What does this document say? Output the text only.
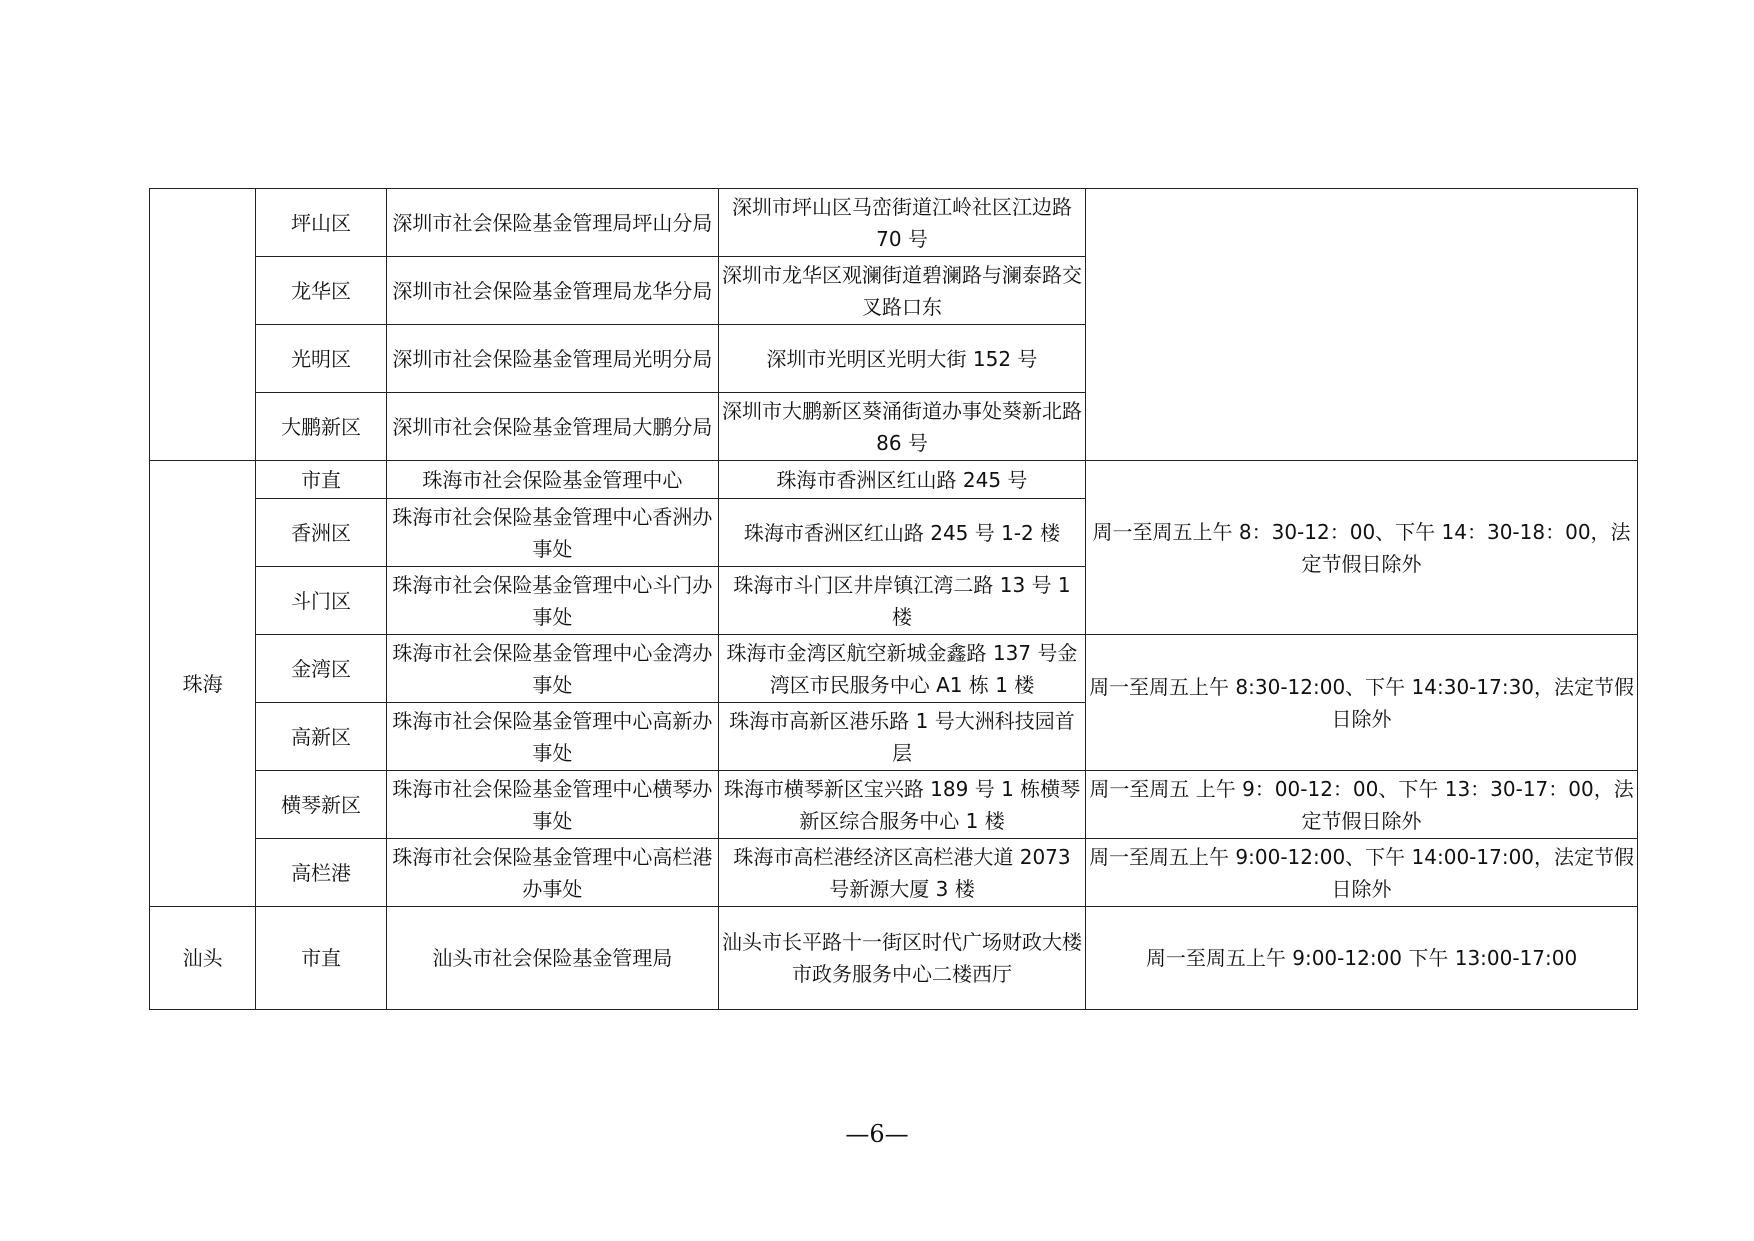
	坪山区	深圳市社会保险基金管理局坪山分局	深圳市坪山区马峦街道江岭社区江边路 70 号	
	龙华区	深圳市社会保险基金管理局龙华分局	深圳市龙华区观澜街道碧澜路与澜泰路交叉路口东	
	光明区	深圳市社会保险基金管理局光明分局	深圳市光明区光明大街 152 号	
	大鹏新区	深圳市社会保险基金管理局大鹏分局	深圳市大鹏新区葵涌街道办事处葵新北路 86 号	
珠海	市直	珠海市社会保险基金管理中心	珠海市香洲区红山路 245 号	周一至周五上午 8：30-12：00、下午 14：30-18：00，法定节假日除外
	香洲区	珠海市社会保险基金管理中心香洲办事处	珠海市香洲区红山路 245 号 1-2 楼	
	斗门区	珠海市社会保险基金管理中心斗门办事处	珠海市斗门区井岸镇江湾二路 13 号 1 楼	
	金湾区	珠海市社会保险基金管理中心金湾办事处	珠海市金湾区航空新城金鑫路 137 号金湾区市民服务中心 A1 栋 1 楼	周一至周五上午 8:30-12:00、下午 14:30-17:30，法定节假日除外
	高新区	珠海市社会保险基金管理中心高新办事处	珠海市高新区港乐路 1 号大洲科技园首层	
	横琴新区	珠海市社会保险基金管理中心横琴办事处	珠海市横琴新区宝兴路 189 号 1 栋横琴新区综合服务中心 1 楼	周一至周五 上午 9：00-12：00、下午 13：30-17：00，法定节假日除外
	高栏港	珠海市社会保险基金管理中心高栏港办事处	珠海市高栏港经济区高栏港大道 2073 号新源大厦 3 楼	周一至周五上午 9:00-12:00、下午 14:00-17:00，法定节假日除外
汕头	市直	汕头市社会保险基金管理局	汕头市长平路十一街区时代广场财政大楼市政务服务中心二楼西厅	周一至周五上午 9:00-12:00 下午 13:00-17:00
—6—
